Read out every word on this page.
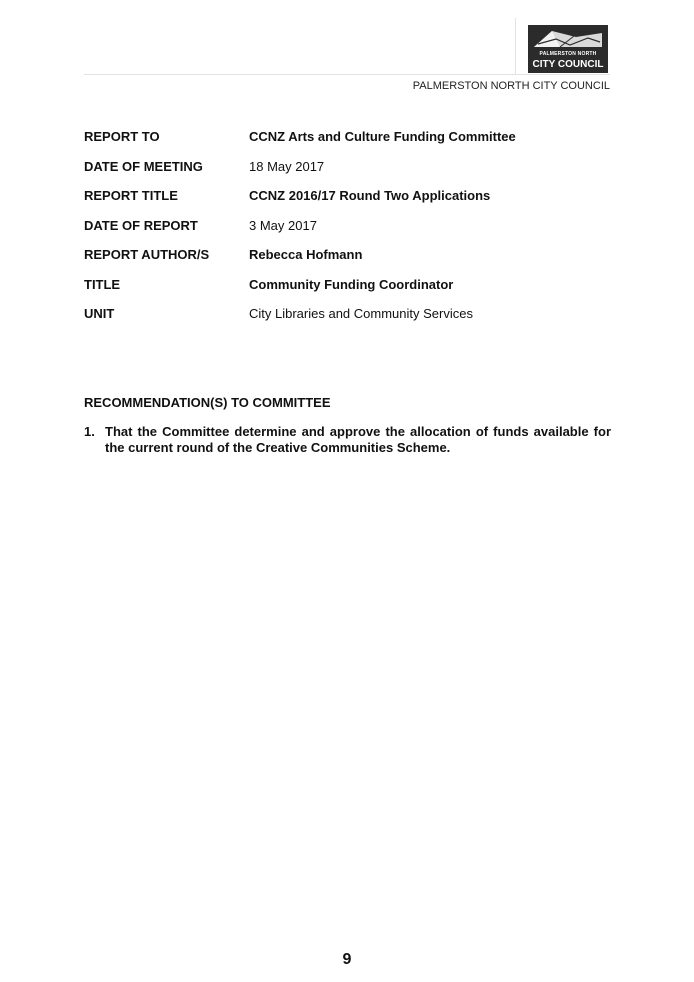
PALMERSTON NORTH
CITY COUNCIL
PALMERSTON NORTH CITY COUNCIL
REPORT TO	CCNZ Arts and Culture Funding Committee
DATE OF MEETING	18 May 2017
REPORT TITLE	CCNZ 2016/17 Round Two Applications
DATE OF REPORT	3 May 2017
REPORT AUTHOR/S	Rebecca Hofmann
TITLE	Community Funding Coordinator
UNIT	City Libraries and Community Services
RECOMMENDATION(S) TO COMMITTEE
1. That the Committee determine and approve the allocation of funds available for the current round of the Creative Communities Scheme.
9
